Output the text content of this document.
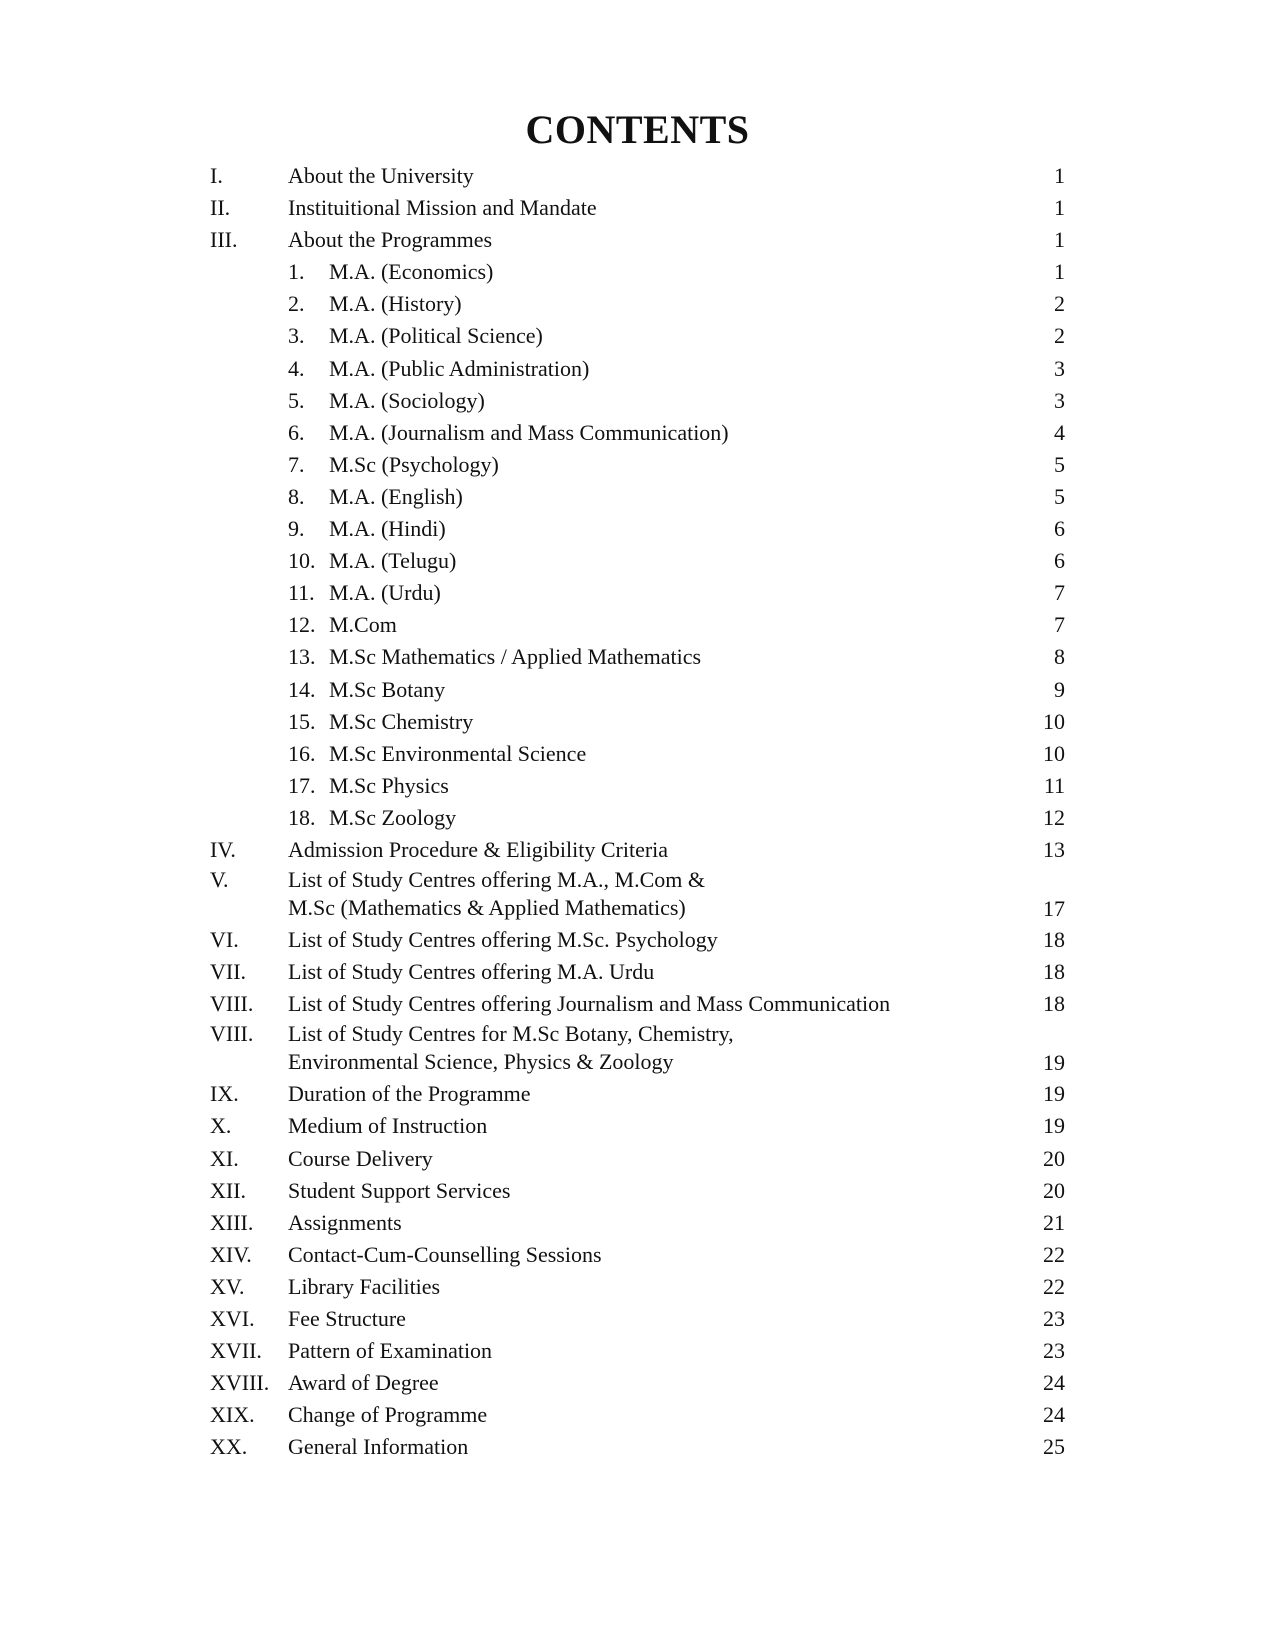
CONTENTS
I.	About the University	1
II.	Instituitional Mission and Mandate	1
III. About the Programmes	1
1. M.A. (Economics)	1
2. M.A. (History)	2
3. M.A. (Political Science)	2
4. M.A. (Public Administration)	3
5. M.A. (Sociology)	3
6. M.A. (Journalism and Mass Communication)	4
7. M.Sc (Psychology)	5
8. M.A. (English)	5
9. M.A. (Hindi)	6
10. M.A. (Telugu)	6
11. M.A. (Urdu)	7
12. M.Com	7
13. M.Sc Mathematics / Applied Mathematics	8
14. M.Sc Botany	9
15. M.Sc Chemistry	10
16. M.Sc Environmental Science	10
17. M.Sc Physics	11
18. M.Sc Zoology	12
IV. Admission Procedure & Eligibility Criteria	13
V.	List of Study Centres offering M.A., M.Com &
M.Sc (Mathematics & Applied Mathematics)	17
VI. List of Study Centres offering M.Sc. Psychology	18
VII. List of Study Centres offering M.A. Urdu	18
VIII. List of Study Centres offering Journalism and Mass Communication	18
VIII. List of Study Centres for M.Sc Botany, Chemistry,
Environmental Science, Physics & Zoology	19
IX. Duration of the Programme	19
X.	Medium of Instruction	19
XI. Course Delivery	20
XII. Student Support Services	20
XIII. Assignments	21
XIV. Contact-Cum-Counselling Sessions	22
XV. Library Facilities	22
XVI. Fee Structure	23
XVII. Pattern of Examination	23
XVIII. Award of Degree	24
XIX. Change of Programme	24
XX. General Information	25
